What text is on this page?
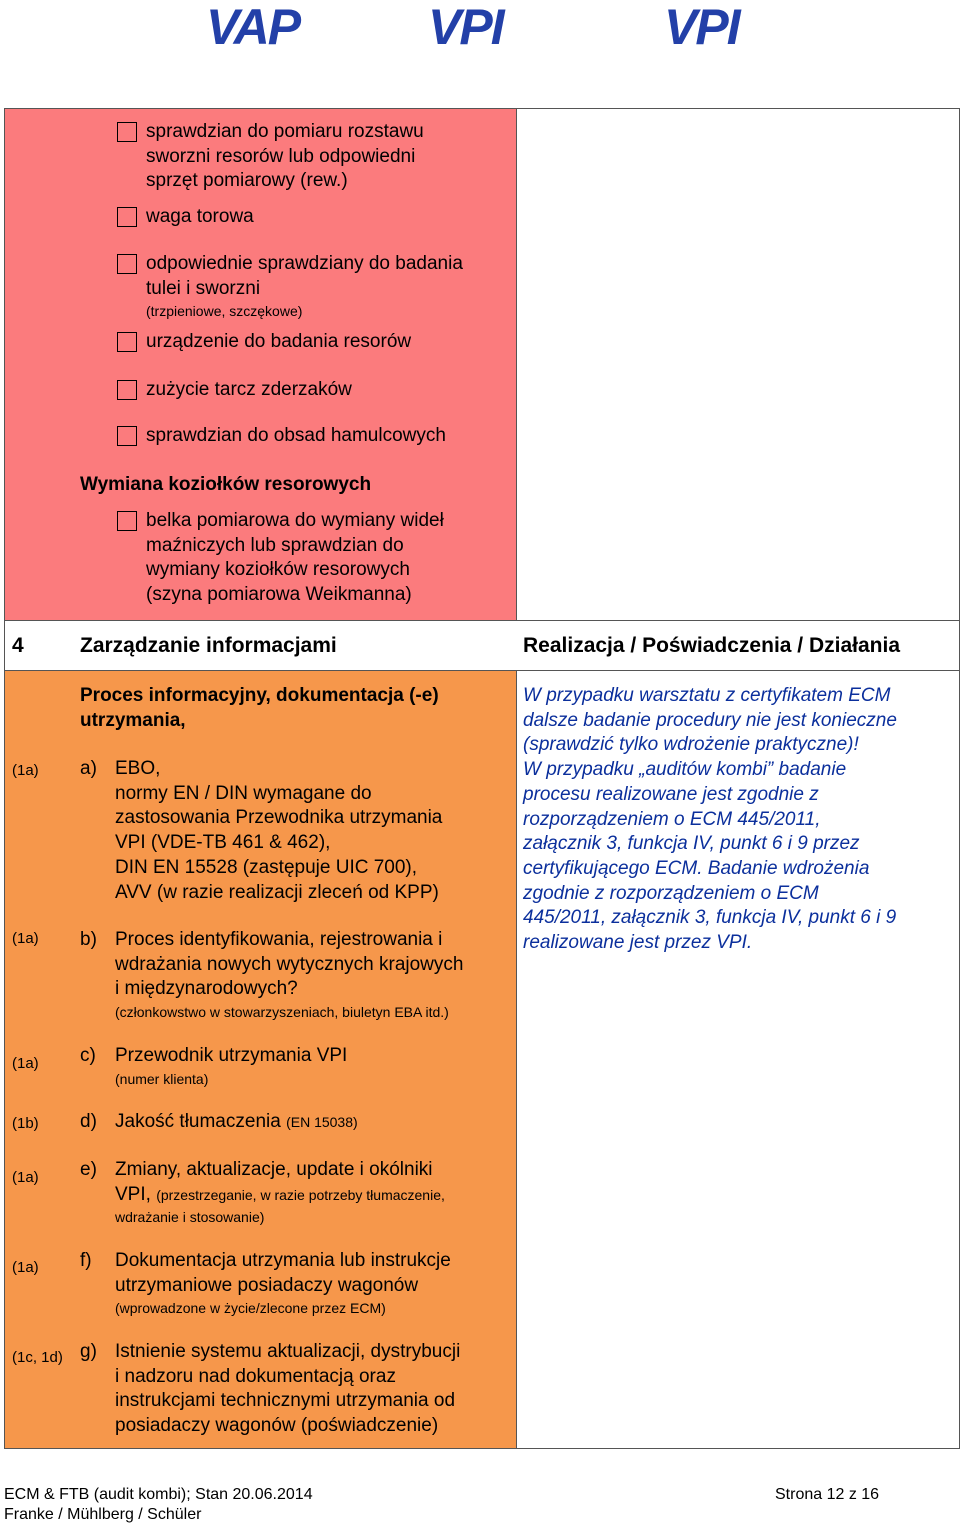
VAP	VPI	VPI
sprawdzian do pomiaru rozstawu
sworzni resorów lub odpowiedni
sprzęt pomiarowy (rew.)
waga torowa
odpowiednie sprawdziany do badania
tulei i sworzni
(trzpieniowe, szczękowe)
urządzenie do badania resorów
zużycie tarcz zderzaków
sprawdzian do obsad hamulcowych
Wymiana koziołków resorowych
belka pomiarowa do wymiany wideł
maźniczych lub sprawdzian do
wymiany koziołków resorowych
(szyna pomiarowa Weikmanna)
4	Zarządzanie informacjami	Realizacja / Poświadczenia / Działania
Proces informacyjny, dokumentacja (-e)
utrzymania,
(1a) a) EBO,
normy EN / DIN wymagane do
zastosowania Przewodnika utrzymania
VPI (VDE-TB 461 & 462),
DIN EN 15528 (zastępuje UIC 700),
AVV (w razie realizacji zleceń od KPP)
(1a) b) Proces identyfikowania, rejestrowania i
wdrażania nowych wytycznych krajowych
i międzynarodowych?
(członkowstwo w stowarzyszeniach, biuletyn EBA itd.)
(1a) c) Przewodnik utrzymania VPI
(numer klienta)
(1b) d) Jakość tłumaczenia (EN 15038)
(1a) e) Zmiany, aktualizacje, update i okólniki
VPI, (przestrzeganie, w razie potrzeby tłumaczenie,
wdrażanie i stosowanie)
(1a) f) Dokumentacja utrzymania lub instrukcje
utrzymaniowe posiadaczy wagonów
(wprowadzone w życie/zlecone przez ECM)
(1c, 1d) g) Istnienie systemu aktualizacji, dystrybucji
i nadzoru nad dokumentacją oraz
instrukcjami technicznymi utrzymania od
posiadaczy wagonów (poświadczenie)
W przypadku warsztatu z certyfikatem ECM
dalsze badanie procedury nie jest konieczne
(sprawdzić tylko wdrożenie praktyczne)!
W przypadku „auditów kombi” badanie
procesu realizowane jest zgodnie z
rozporządzeniem o ECM 445/2011,
załącznik 3, funkcja IV, punkt 6 i 9 przez
certyfikującego ECM. Badanie wdrożenia
zgodnie z rozporządzeniem o ECM
445/2011, załącznik 3, funkcja IV, punkt 6 i 9
realizowane jest przez VPI.
ECM & FTB (audit kombi); Stan 20.06.2014
Franke / Mühlberg / Schüler
Strona 12 z 16
